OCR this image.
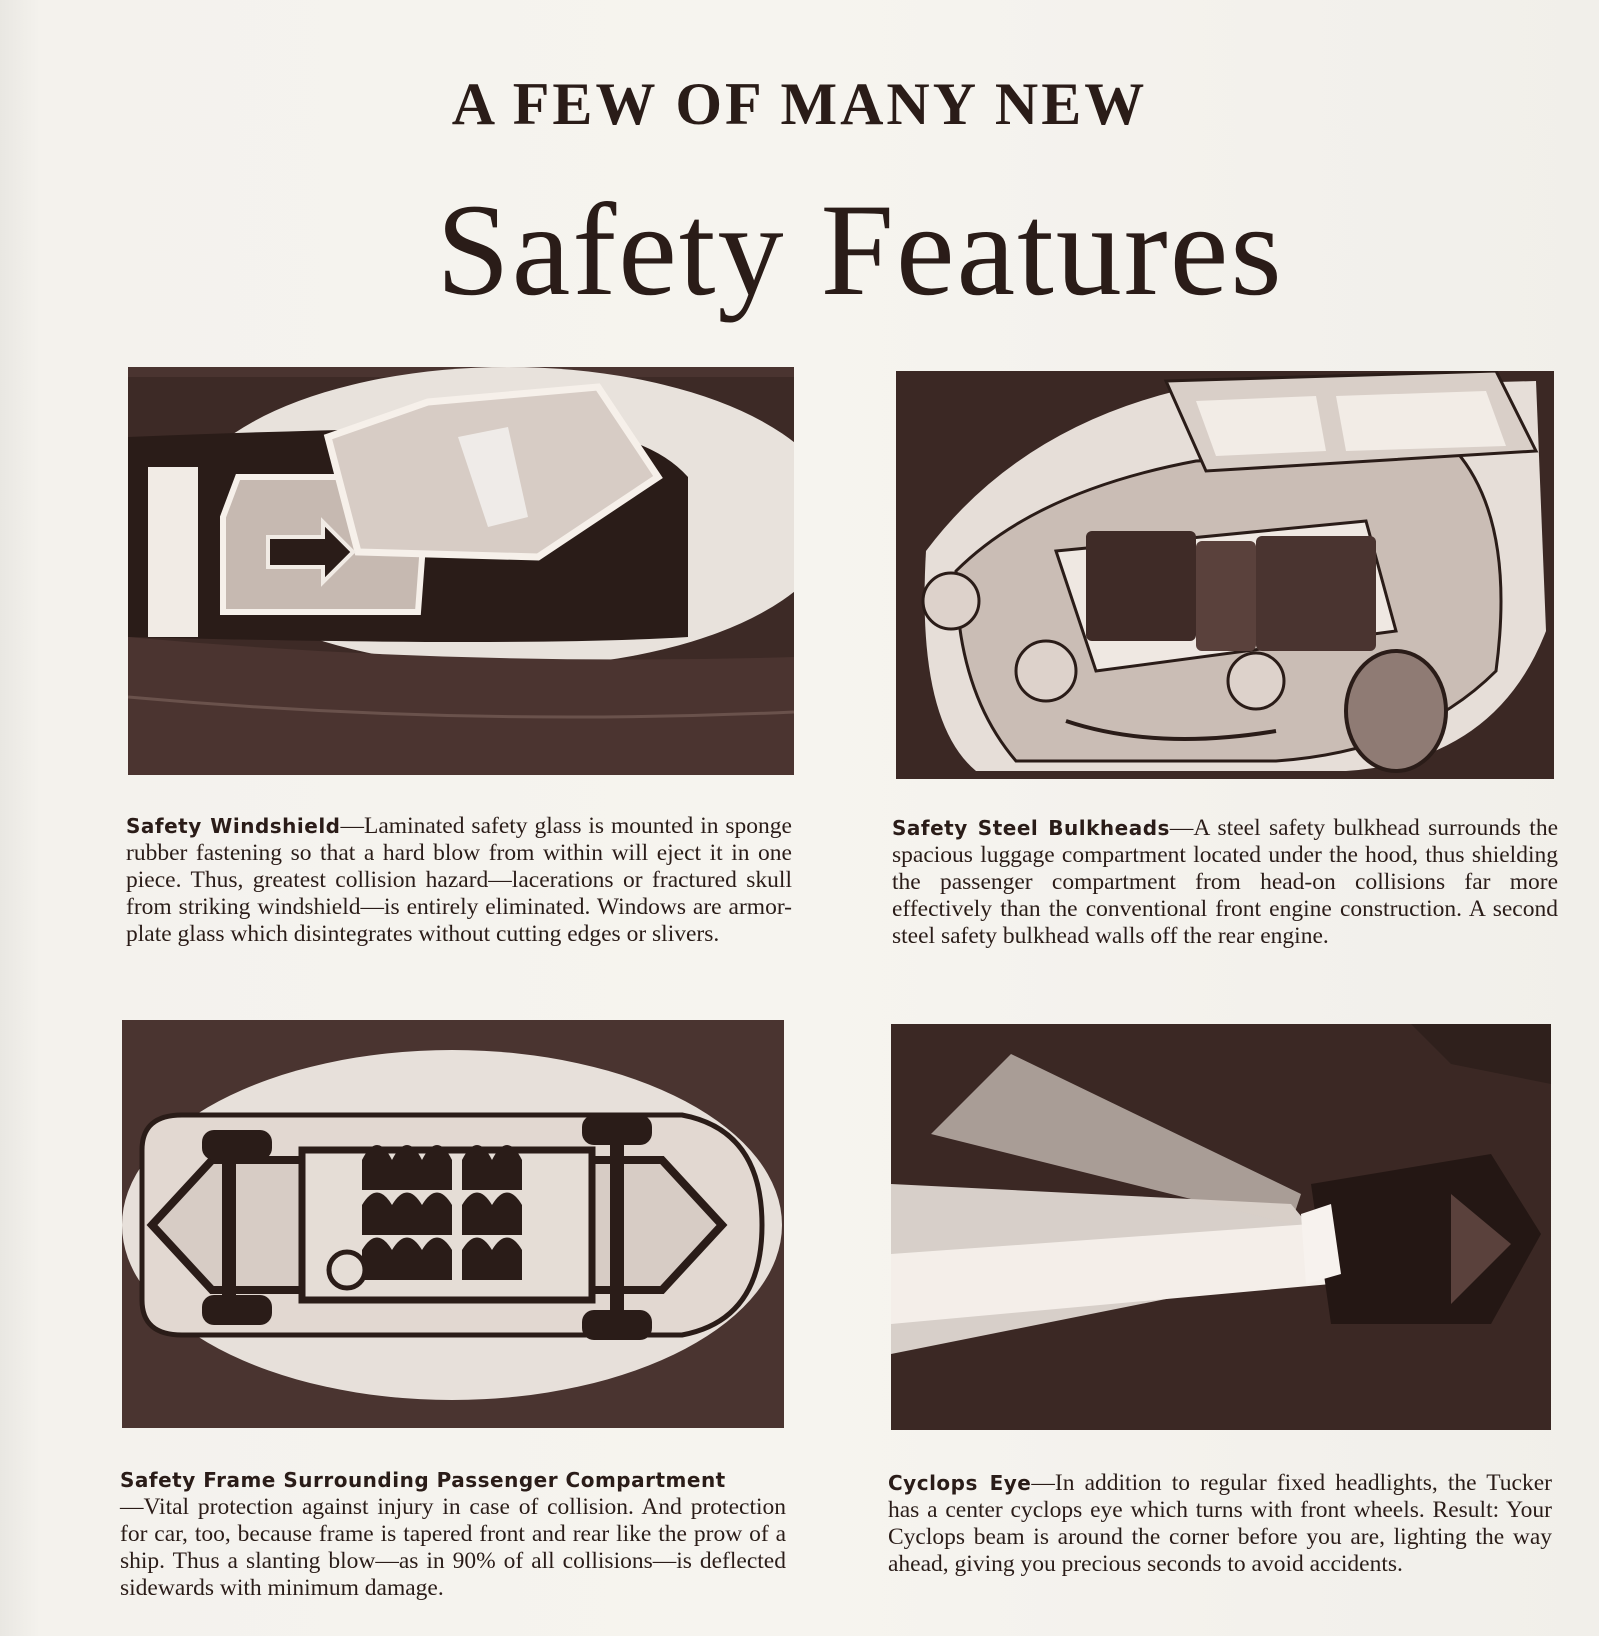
A FEW OF MANY NEW
Safety Features
Safety Windshield—Laminated safety glass is mounted in sponge rubber fastening so that a hard blow from within will eject it in one piece. Thus, greatest collision hazard—lacerations or fractured skull from striking windshield—is entirely eliminated. Windows are armor-plate glass which disintegrates without cutting edges or slivers.
Safety Steel Bulkheads—A steel safety bulkhead surrounds the spacious luggage compartment located under the hood, thus shielding the passenger compartment from head-on collisions far more effectively than the conventional front engine construction. A second steel safety bulkhead walls off the rear engine.
Safety Frame Surrounding Passenger Compartment
—Vital protection against injury in case of collision. And protection for car, too, because frame is tapered front and rear like the prow of a ship. Thus a slanting blow—as in 90% of all collisions—is deflected sidewards with minimum damage.
Cyclops Eye—In addition to regular fixed headlights, the Tucker has a center cyclops eye which turns with front wheels. Result: Your Cyclops beam is around the corner before you are, lighting the way ahead, giving you precious seconds to avoid accidents.
